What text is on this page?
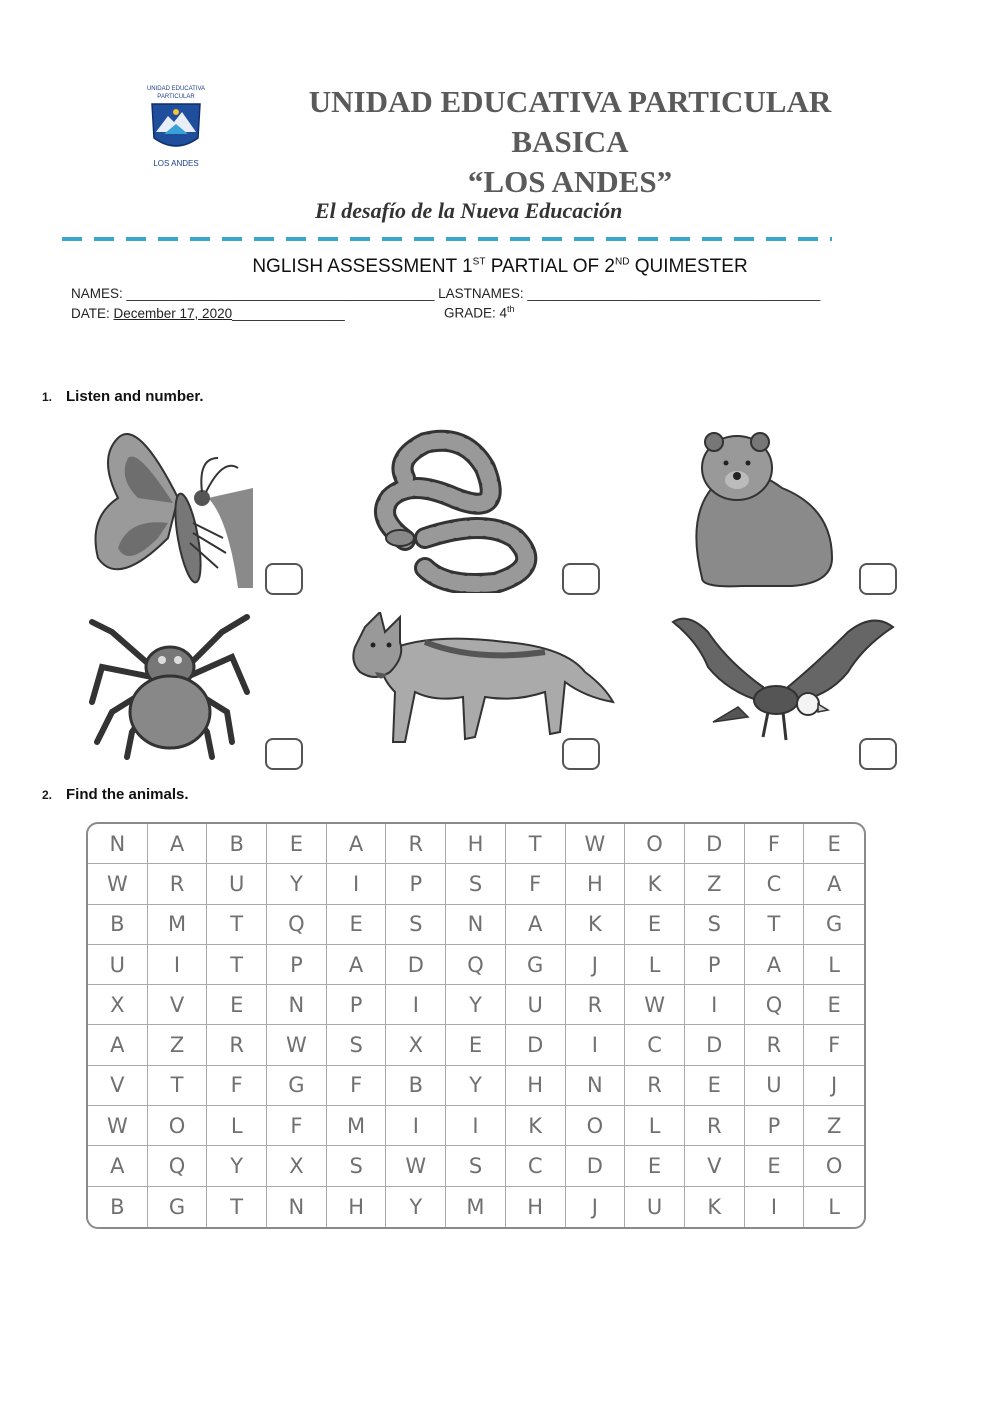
UNIDAD EDUCATIVA
PARTICULAR
LOS ANDES
UNIDAD EDUCATIVA PARTICULAR
BASICA
“LOS ANDES”
El desafío de la Nueva Educación
NGLISH ASSESSMENT 1ST PARTIAL OF 2ND QUIMESTER
NAMES: _________________________________________ LASTNAMES: _______________________________________
DATE: December 17, 2020_______________	GRADE: 4th
1. Listen and number.
2. Find the animals.
N	A	B	E	A	R	H	T	W	O	D	F	E
W	R	U	Y	I	P	S	F	H	K	Z	C	A
B	M	T	Q	E	S	N	A	K	E	S	T	G
U	I	T	P	A	D	Q	G	J	L	P	A	L
X	V	E	N	P	I	Y	U	R	W	I	Q	E
A	Z	R	W	S	X	E	D	I	C	D	R	F
V	T	F	G	F	B	Y	H	N	R	E	U	J
W	O	L	F	M	I	I	K	O	L	R	P	Z
A	Q	Y	X	S	W	S	C	D	E	V	E	O
B	G	T	N	H	Y	M	H	J	U	K	I	L
